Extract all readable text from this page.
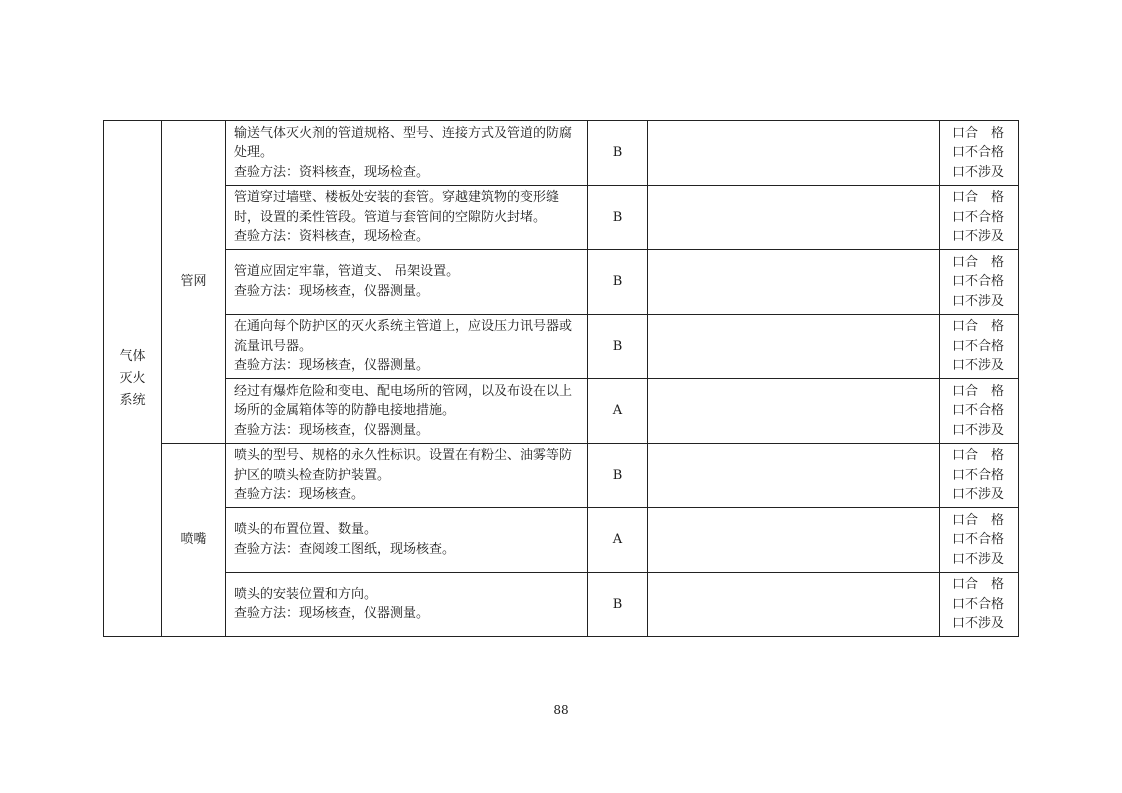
气体灭火系统	管网	输送气体灭火剂的管道规格、型号、连接方式及管道的防腐处理。
查验方法：资料核查，现场检查。	B		口合　格
口不合格
口不涉及

		管道穿过墙壁、楼板处安装的套管。穿越建筑物的变形缝时，设置的柔性管段。管道与套管间的空隙防火封堵。
查验方法：资料核查，现场检查。	B		口合　格
口不合格
口不涉及

		管道应固定牢靠，管道支、 吊架设置。
查验方法：现场核查，仪器测量。	B		口合　格
口不合格
口不涉及

		在通向每个防护区的灭火系统主管道上，应设压力讯号器或流量讯号器。
查验方法：现场核查，仪器测量。	B		口合　格
口不合格
口不涉及

		经过有爆炸危险和变电、配电场所的管网，以及布设在以上场所的金属箱体等的防静电接地措施。
查验方法：现场核查，仪器测量。	A		口合　格
口不合格
口不涉及

	喷嘴	喷头的型号、规格的永久性标识。设置在有粉尘、油雾等防护区的喷头检查防护装置。
查验方法：现场核查。	B		口合　格
口不合格
口不涉及

		喷头的布置位置、数量。
查验方法：查阅竣工图纸，现场核查。	A		口合　格
口不合格
口不涉及

		喷头的安装位置和方向。
查验方法：现场核查，仪器测量。	B		口合　格
口不合格
口不涉及
88
